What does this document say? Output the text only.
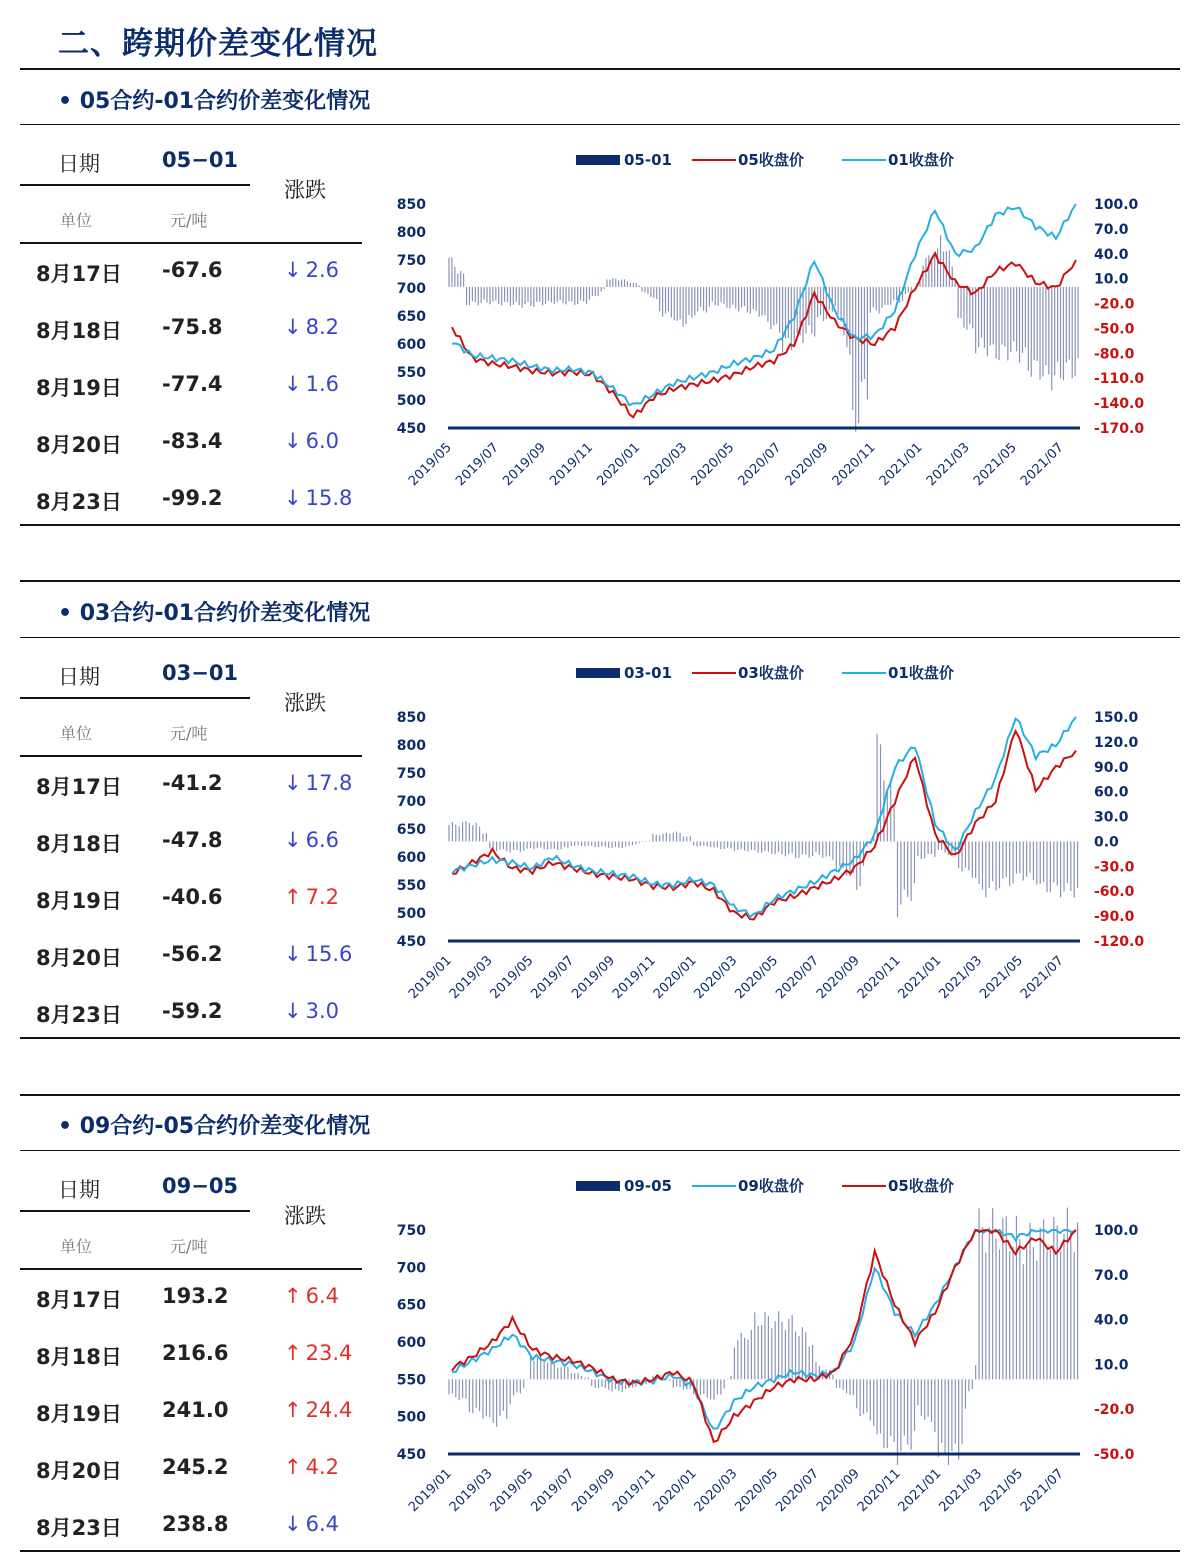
二、跨期价差变化情况
• 05合约-01合约价差变化情况
日期	05−01
涨跌
单位	元/吨
8月17日 -67.6	↓ 2.6
8月18日 -75.8	↓ 8.2
8月19日 -77.4	↓ 1.6
8月20日 -83.4	↓ 6.0
8月23日 -99.2	↓ 15.8
05-01	05收盘价	01收盘价
850
800
750
700
650
600
550
500
450
100.0
70.0
40.0
10.0
-20.0
-50.0
-80.0
-110.0
-140.0
-170.0
2019/05
2019/07
2019/09
2019/11
2020/01
2020/03
2020/05
2020/07
2020/09
2020/11
2021/01
2021/03
2021/05
2021/07
• 03合约-01合约价差变化情况
日期	03−01
涨跌
单位	元/吨
8月17日 -41.2	↓ 17.8
8月18日 -47.8	↓ 6.6
8月19日 -40.6	↑ 7.2
8月20日 -56.2	↓ 15.6
8月23日 -59.2	↓ 3.0
03-01	03收盘价	01收盘价
850
800
750
700
650
600
550
500
450
150.0
120.0
90.0
60.0
30.0
0.0
-30.0
-60.0
-90.0
-120.0
2019/01
2019/03
2019/05
2019/07
2019/09
2019/11
2020/01
2020/03
2020/05
2020/07
2020/09
2020/11
2021/01
2021/03
2021/05
2021/07
• 09合约-05合约价差变化情况
日期	09−05
涨跌
单位	元/吨
8月17日 193.2	↑ 6.4
8月18日 216.6	↑ 23.4
8月19日 241.0	↑ 24.4
8月20日 245.2	↑ 4.2
8月23日 238.8	↓ 6.4
09-05	09收盘价	05收盘价
750
700
650
600
550
500
450
100.0
70.0
40.0
10.0
-20.0
-50.0
2019/01
2019/03
2019/05
2019/07
2019/09
2019/11
2020/01
2020/03
2020/05
2020/07
2020/09
2020/11
2021/01
2021/03
2021/05
2021/07
